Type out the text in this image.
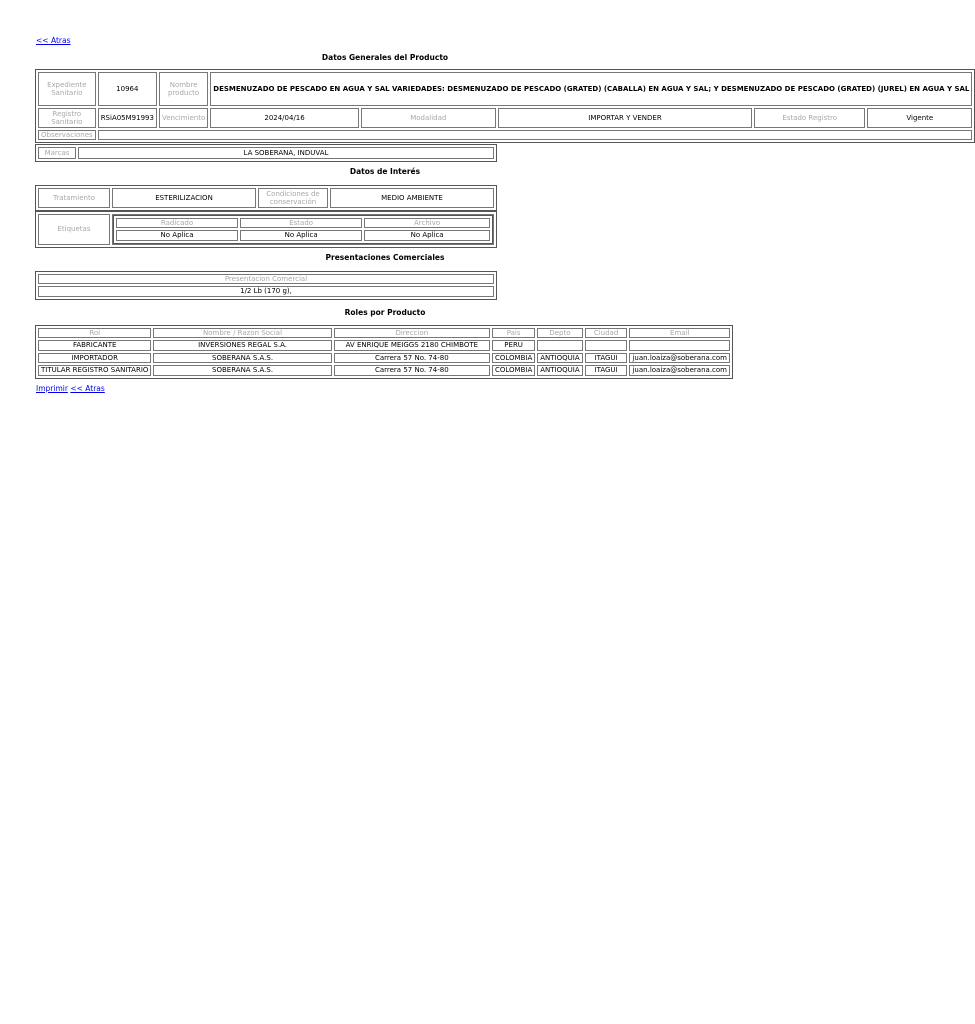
<< Atras
Datos Generales del Producto
Expediente Sanitario	10964	Nombre producto	DESMENUZADO DE PESCADO EN AGUA Y SAL VARIEDADES: DESMENUZADO DE PESCADO (GRATED) (CABALLA) EN AGUA Y SAL; Y DESMENUZADO DE PESCADO (GRATED) (JUREL) EN AGUA Y SAL				
Registro Sanitario	RSiA05M91993	Vencimiento	2024/04/16	Modalidad	IMPORTAR Y VENDER	Estado Registro	Vigente
Observaciones							
Marcas	LA SOBERANA, INDUVAL
Datos de Interés
Tratamiento	ESTERILIZACION	Condiciones de conservación	MEDIO AMBIENTE
Etiquetas	
Radicado	Estado	Archivo
No Aplica	No Aplica	No Aplica
Presentaciones Comerciales
Presentacion Comercial
1/2 Lb (170 g),
Roles por Producto
Rol	Nombre / Razon Social	Direccion	Pais	Depto	Ciudad	Email
FABRICANTE	INVERSIONES REGAL S.A.	AV ENRIQUE MEIGGS 2180 CHIMBOTE	PERU			
IMPORTADOR	SOBERANA S.A.S.	Carrera 57 No. 74-80	COLOMBIA	ANTIOQUIA	ITAGUI	juan.loaiza@soberana.com
TITULAR REGISTRO SANITARIO	SOBERANA S.A.S.	Carrera 57 No. 74-80	COLOMBIA	ANTIOQUIA	ITAGUI	juan.loaiza@soberana.com
Imprimir << Atras
